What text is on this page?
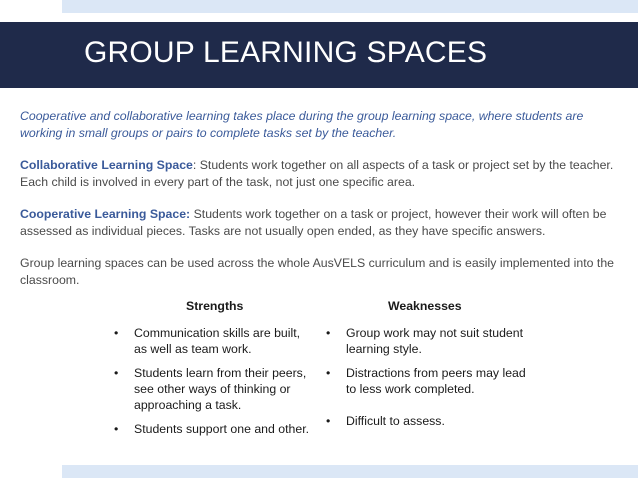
GROUP LEARNING SPACES

Cooperative and collaborative learning takes place during the group learning space, where students are working in small groups or pairs to complete tasks set by the teacher.

Collaborative Learning Space: Students work together on all aspects of a task or project set by the teacher. Each child is involved in every part of the task, not just one specific area.

Cooperative Learning Space: Students work together on a task or project, however their work will often be assessed as individual pieces. Tasks are not usually open ended, as they have specific answers.

Group learning spaces can be used across the whole AusVELS curriculum and is easily implemented into the classroom.

Strengths	Weaknesses
• Communication skills are built, as well as team work.
• Students learn from their peers, see other ways of thinking or approaching a task.
• Students support one and other.
• Group work may not suit student learning style.
• Distractions from peers may lead to less work completed.
• Difficult to assess.
